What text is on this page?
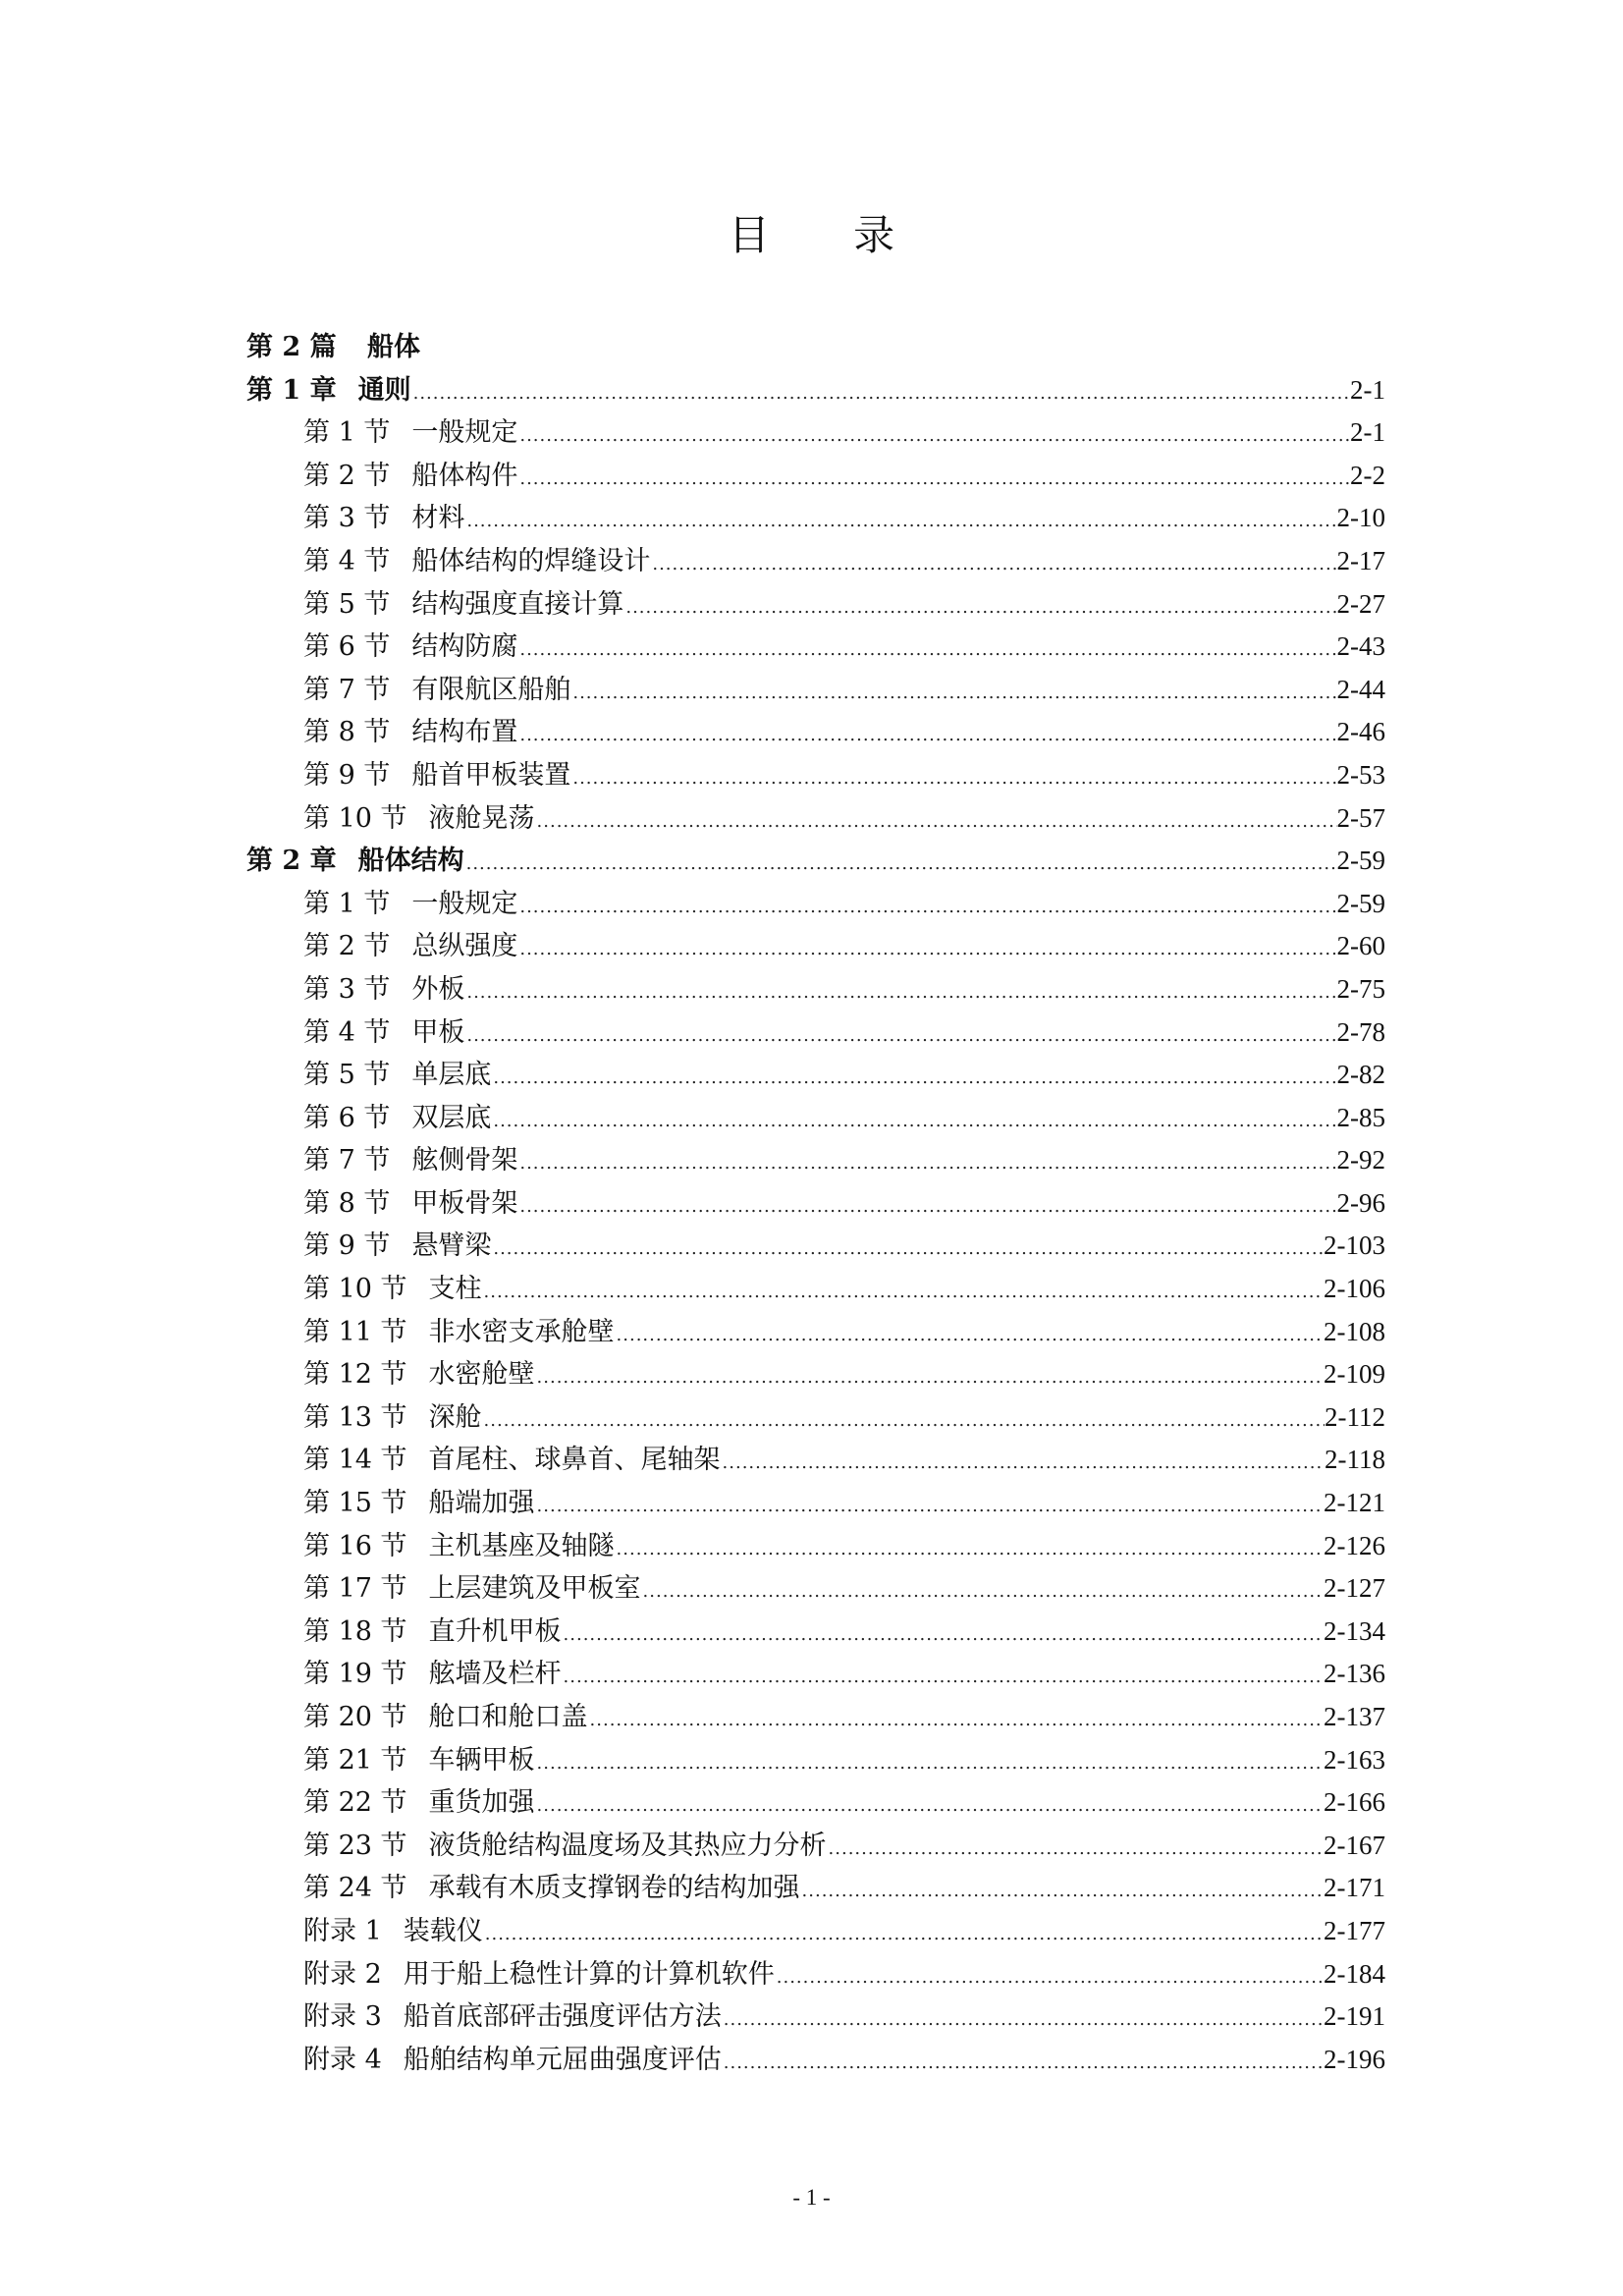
目 录
第 2 篇 船体
第 1 章 通则 .....	2-1
第 1 节 一般规定 .....	2-1
第 2 节 船体构件 .....	2-2
第 3 节 材料 .....	2-10
第 4 节 船体结构的焊缝设计 .....	2-17
第 5 节 结构强度直接计算 .....	2-27
第 6 节 结构防腐 .....	2-43
第 7 节 有限航区船舶 .....	2-44
第 8 节 结构布置 .....	2-46
第 9 节 船首甲板装置 .....	2-53
第 10 节 液舱晃荡 .....	2-57
第 2 章 船体结构 .....	2-59
第 1 节 一般规定 .....	2-59
第 2 节 总纵强度 .....	2-60
第 3 节 外板 .....	2-75
第 4 节 甲板 .....	2-78
第 5 节 单层底 .....	2-82
第 6 节 双层底 .....	2-85
第 7 节 舷侧骨架 .....	2-92
第 8 节 甲板骨架 .....	2-96
第 9 节 悬臂梁 .....	2-103
第 10 节 支柱 .....	2-106
第 11 节 非水密支承舱壁 .....	2-108
第 12 节 水密舱壁 .....	2-109
第 13 节 深舱 .....	2-112
第 14 节 首尾柱、球鼻首、尾轴架 .....	2-118
第 15 节 船端加强 .....	2-121
第 16 节 主机基座及轴隧 .....	2-126
第 17 节 上层建筑及甲板室 .....	2-127
第 18 节 直升机甲板 .....	2-134
第 19 节 舷墙及栏杆 .....	2-136
第 20 节 舱口和舱口盖 .....	2-137
第 21 节 车辆甲板 .....	2-163
第 22 节 重货加强 .....	2-166
第 23 节 液货舱结构温度场及其热应力分析 .....	2-167
第 24 节 承载有木质支撑钢卷的结构加强 .....	2-171
附录 1 装载仪 .....	2-177
附录 2 用于船上稳性计算的计算机软件 .....	2-184
附录 3 船首底部砰击强度评估方法 .....	2-191
附录 4 船舶结构单元屈曲强度评估 .....	2-196
- 1 -
